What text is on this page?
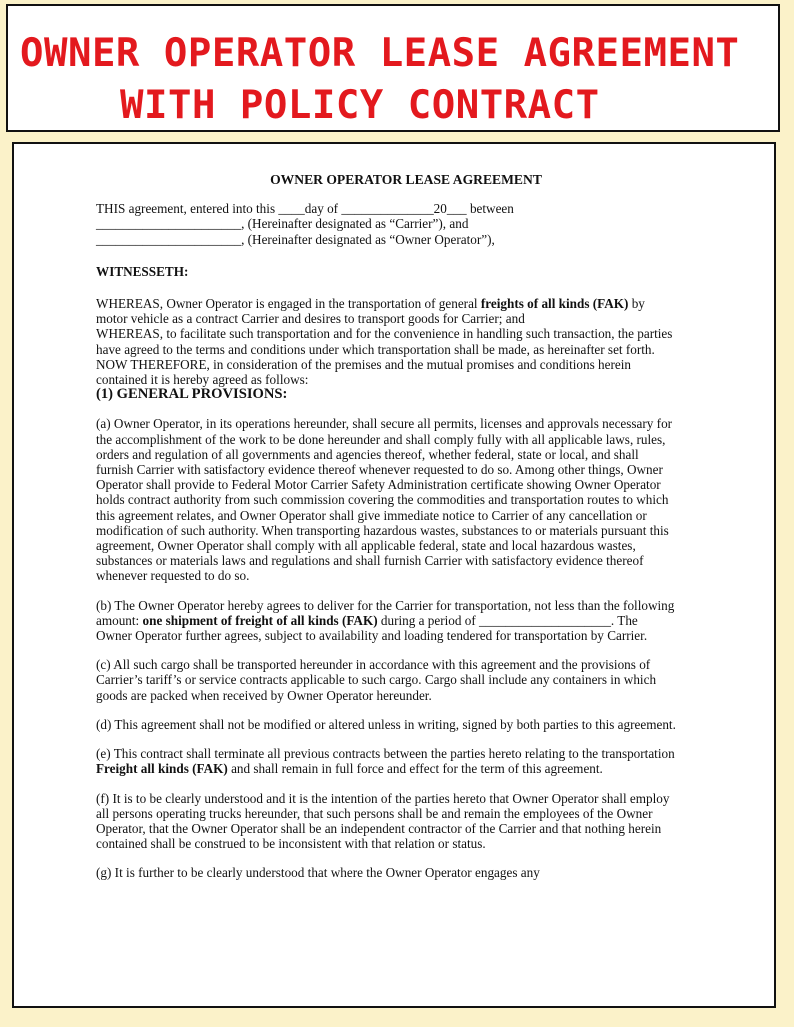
OWNER OPERATOR LEASE AGREEMENT
WITH POLICY CONTRACT
OWNER OPERATOR LEASE AGREEMENT
THIS agreement, entered into this ____day of ______________20___ between
______________________, (Hereinafter designated as “Carrier”), and
______________________, (Hereinafter designated as “Owner Operator”),
WITNESSETH:

WHEREAS, Owner Operator is engaged in the transportation of general freights of all kinds (FAK) by motor vehicle as a contract Carrier and desires to transport goods for Carrier; and

WHEREAS, to facilitate such transportation and for the convenience in handling such transaction, the parties have agreed to the terms and conditions under which transportation shall be made, as hereinafter set forth.

NOW THEREFORE, in consideration of the premises and the mutual promises and conditions herein contained it is hereby agreed as follows:

(1) GENERAL PROVISIONS:

(a) Owner Operator, in its operations hereunder, shall secure all permits, licenses and approvals necessary for the accomplishment of the work to be done hereunder and shall comply fully with all applicable laws, rules, orders and regulation of all governments and agencies thereof, whether federal, state or local, and shall furnish Carrier with satisfactory evidence thereof whenever requested to do so. Among other things, Owner Operator shall provide to Federal Motor Carrier Safety Administration certificate showing Owner Operator holds contract authority from such commission covering the commodities and transportation routes to which this agreement relates, and Owner Operator shall give immediate notice to Carrier of any cancellation or modification of such authority. When transporting hazardous wastes, substances to or materials pursuant this agreement, Owner Operator shall comply with all applicable federal, state and local hazardous wastes, substances or materials laws and regulations and shall furnish Carrier with satisfactory evidence thereof whenever requested to do so.

(b) The Owner Operator hereby agrees to deliver for the Carrier for transportation, not less than the following amount: one shipment of freight of all kinds (FAK) during a period of ____________________. The Owner Operator further agrees, subject to availability and loading tendered for transportation by Carrier.

(c) All such cargo shall be transported hereunder in accordance with this agreement and the provisions of Carrier’s tariff’s or service contracts applicable to such cargo. Cargo shall include any containers in which goods are packed when received by Owner Operator hereunder.

(d) This agreement shall not be modified or altered unless in writing, signed by both parties to this agreement.

(e) This contract shall terminate all previous contracts between the parties hereto relating to the transportation Freight all kinds (FAK) and shall remain in full force and effect for the term of this agreement.

(f) It is to be clearly understood and it is the intention of the parties hereto that Owner Operator shall employ all persons operating trucks hereunder, that such persons shall be and remain the employees of the Owner Operator, that the Owner Operator shall be an independent contractor of the Carrier and that nothing herein contained shall be construed to be inconsistent with that relation or status.

(g) It is further to be clearly understood that where the Owner Operator engages any
